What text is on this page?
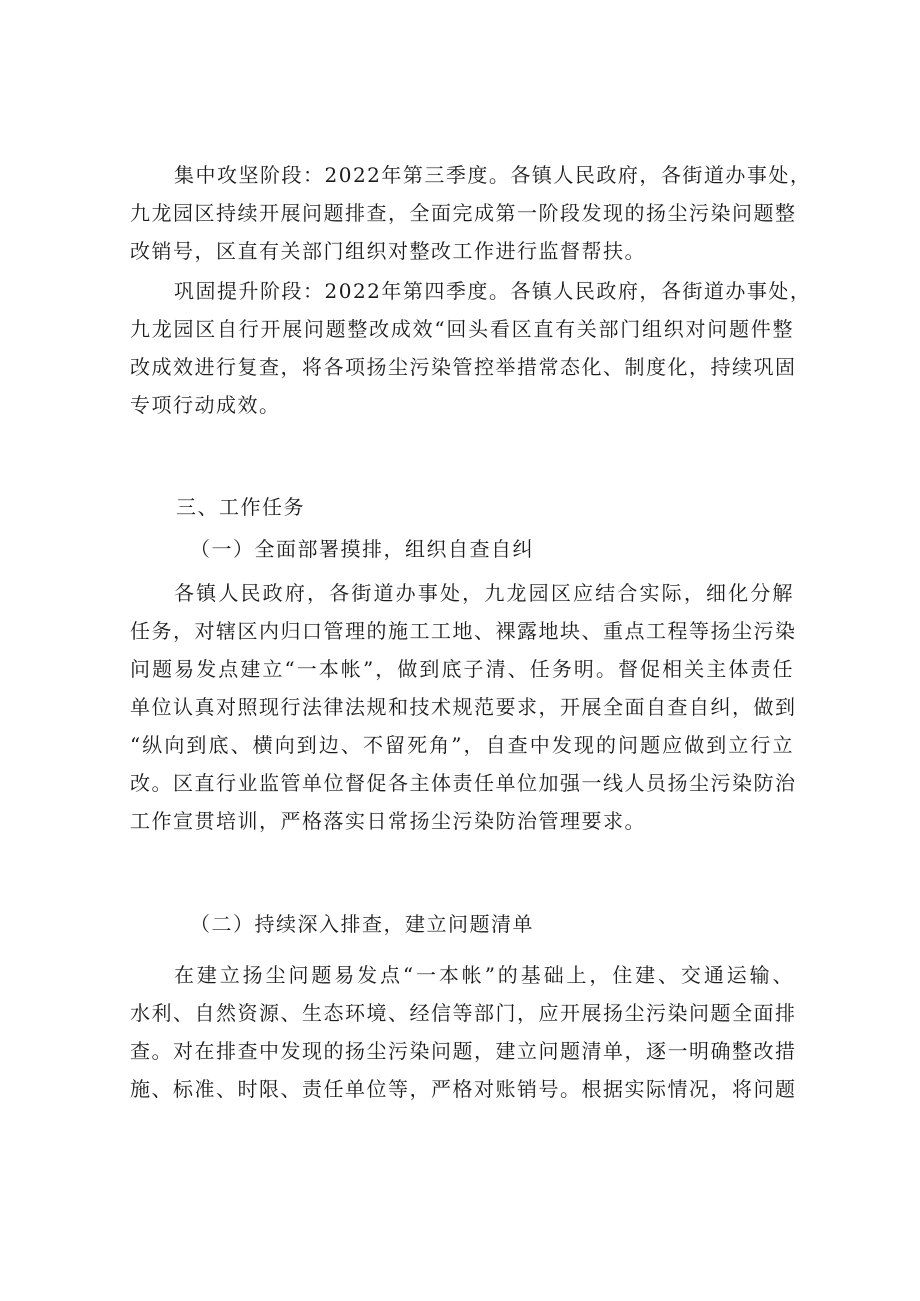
集中攻坚阶段：2022年第三季度。各镇人民政府，各街道办事处，
九龙园区持续开展问题排查，全面完成第一阶段发现的扬尘污染问题整
改销号，区直有关部门组织对整改工作进行监督帮扶。
巩固提升阶段：2022年第四季度。各镇人民政府，各街道办事处，
九龙园区自行开展问题整改成效“回头看区直有关部门组织对问题件整
改成效进行复查，将各项扬尘污染管控举措常态化、制度化，持续巩固
专项行动成效。
三、工作任务
（一）全面部署摸排，组织自查自纠
各镇人民政府，各街道办事处，九龙园区应结合实际，细化分解
任务，对辖区内归口管理的施工工地、裸露地块、重点工程等扬尘污染
问题易发点建立“一本帐”，做到底子清、任务明。督促相关主体责任
单位认真对照现行法律法规和技术规范要求，开展全面自查自纠，做到
“纵向到底、横向到边、不留死角”，自查中发现的问题应做到立行立
改。区直行业监管单位督促各主体责任单位加强一线人员扬尘污染防治
工作宣贯培训，严格落实日常扬尘污染防治管理要求。
（二）持续深入排查，建立问题清单
在建立扬尘问题易发点“一本帐”的基础上，住建、交通运输、
水利、自然资源、生态环境、经信等部门，应开展扬尘污染问题全面排
查。对在排查中发现的扬尘污染问题，建立问题清单，逐一明确整改措
施、标准、时限、责任单位等，严格对账销号。根据实际情况，将问题
